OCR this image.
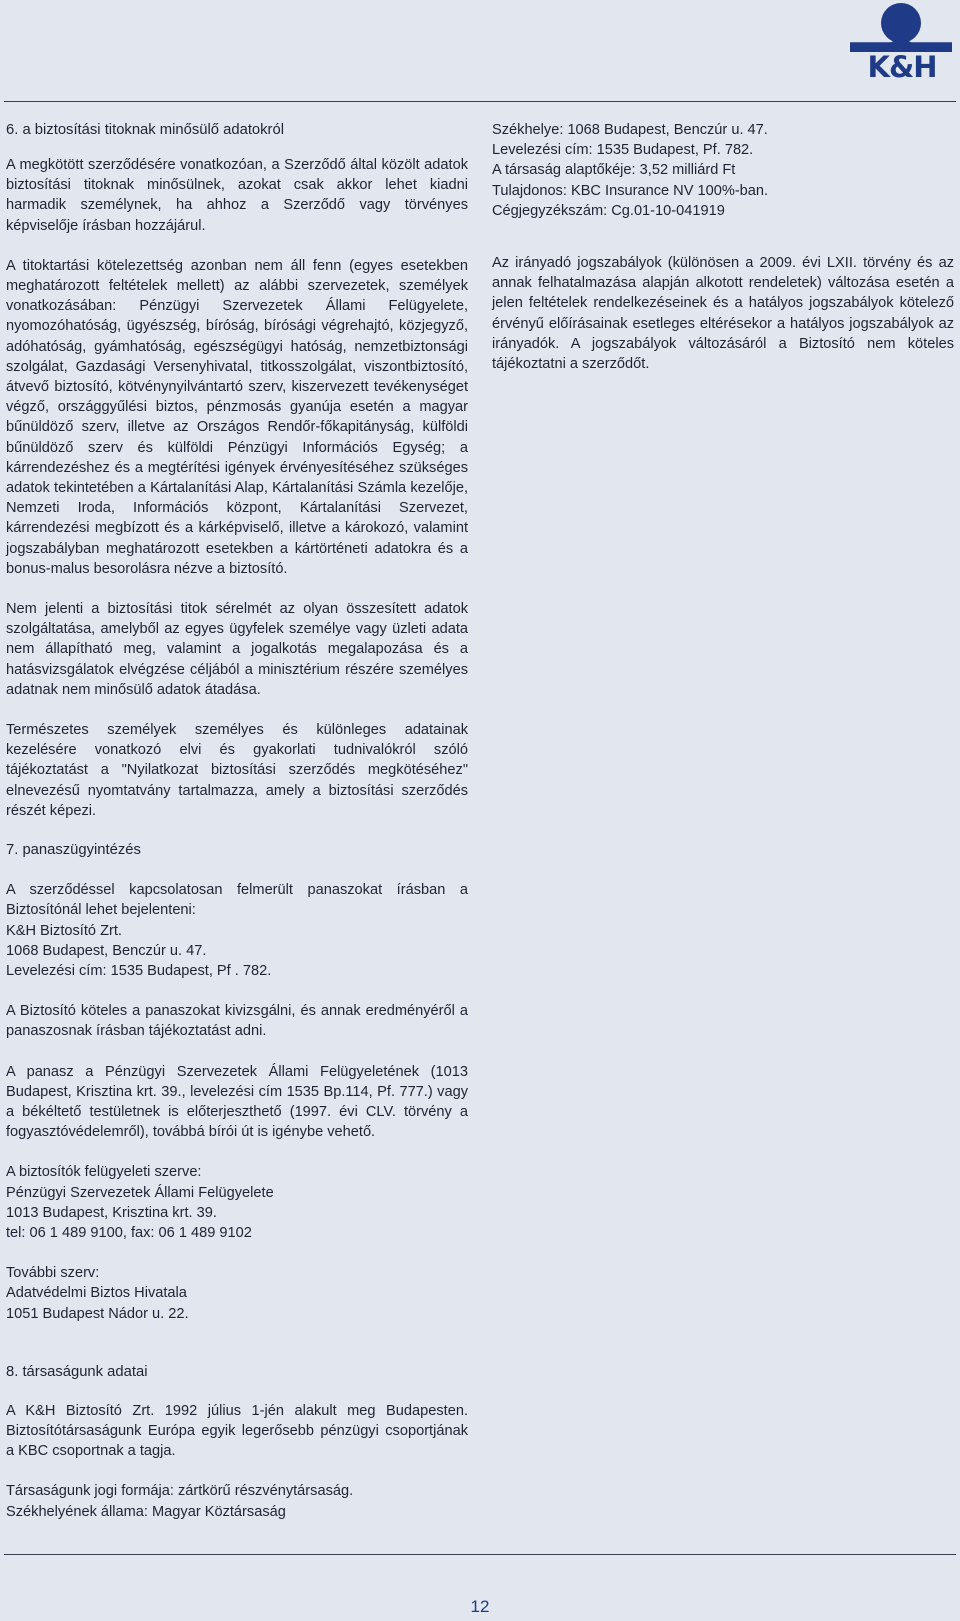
K&H
6. a biztosítási titoknak minősülő adatokról

A megkötött szerződésére vonatkozóan, a Szerződő által közölt adatok biztosítási titoknak minősülnek, azokat csak akkor lehet kiadni harmadik személynek, ha ahhoz a Szerződő vagy törvényes képviselője írásban hozzájárul.

A titoktartási kötelezettség azonban nem áll fenn (egyes esetekben meghatározott feltételek mellett) az alábbi szervezetek, személyek vonatkozásában: Pénzügyi Szervezetek Állami Felügyelete, nyomozóhatóság, ügyészség, bíróság, bírósági végrehajtó, közjegyző, adóhatóság, gyámhatóság, egészségügyi hatóság, nemzetbiztonsági szolgálat, Gazdasági Versenyhivatal, titkosszolgálat, viszontbiztosító, átvevő biztosító, kötvénynyilvántartó szerv, kiszervezett tevékenységet végző, országgyűlési biztos, pénzmosás gyanúja esetén a magyar bűnüldöző szerv, illetve az Országos Rendőr-főkapitányság, külföldi bűnüldöző szerv és külföldi Pénzügyi Információs Egység; a kárrendezéshez és a megtérítési igények érvényesítéséhez szükséges adatok tekintetében a Kártalanítási Alap, Kártalanítási Számla kezelője, Nemzeti Iroda, Információs központ, Kártalanítási Szervezet, kárrendezési megbízott és a kárképviselő, illetve a károkozó, valamint jogszabályban meghatározott esetekben a kártörténeti adatokra és a bonus-malus besorolásra nézve a biztosító.

Nem jelenti a biztosítási titok sérelmét az olyan összesített adatok szolgáltatása, amelyből az egyes ügyfelek személye vagy üzleti adata nem állapítható meg, valamint a jogalkotás megalapozása és a hatásvizsgálatok elvégzése céljából a minisztérium részére személyes adatnak nem minősülő adatok átadása.

Természetes személyek személyes és különleges adatainak kezelésére vonatkozó elvi és gyakorlati tudnivalókról szóló tájékoztatást a "Nyilatkozat biztosítási szerződés megkötéséhez" elnevezésű nyomtatvány tartalmazza, amely a biztosítási szerződés részét képezi.

7. panaszügyintézés

A szerződéssel kapcsolatosan felmerült panaszokat írásban a Biztosítónál lehet bejelenteni:
K&H Biztosító Zrt.
1068 Budapest, Benczúr u. 47.
Levelezési cím: 1535 Budapest, Pf . 782.

A Biztosító köteles a panaszokat kivizsgálni, és annak eredményéről a panaszosnak írásban tájékoztatást adni.

A panasz a Pénzügyi Szervezetek Állami Felügyeletének (1013 Budapest, Krisztina krt. 39., levelezési cím 1535 Bp.114, Pf. 777.) vagy a békéltető testületnek is előterjeszthető (1997. évi CLV. törvény a fogyasztóvédelemről), továbbá bírói út is igénybe vehető.

A biztosítók felügyeleti szerve:
Pénzügyi Szervezetek Állami Felügyelete
1013 Budapest, Krisztina krt. 39.
tel: 06 1 489 9100, fax: 06 1 489 9102

További szerv:
Adatvédelmi Biztos Hivatala
1051 Budapest Nádor u. 22.

8. társaságunk adatai

A K&H Biztosító Zrt. 1992 július 1-jén alakult meg Budapesten. Biztosítótársaságunk Európa egyik legerősebb pénzügyi csoportjának a KBC csoportnak a tagja.

Társaságunk jogi formája: zártkörű részvénytársaság.
Székhelyének állama: Magyar Köztársaság

Székhelye: 1068 Budapest, Benczúr u. 47.
Levelezési cím: 1535 Budapest, Pf. 782.
A társaság alaptőkéje: 3,52 milliárd Ft
Tulajdonos: KBC Insurance NV 100%-ban.
Cégjegyzékszám: Cg.01-10-041919

Az irányadó jogszabályok (különösen a 2009. évi LXII. törvény és az annak felhatalmazása alapján alkotott rendeletek) változása esetén a jelen feltételek rendelkezéseinek és a hatályos jogszabályok kötelező érvényű előírásainak esetleges eltérésekor a hatályos jogszabályok az irányadók. A jogszabályok változásáról a Biztosító nem köteles tájékoztatni a szerződőt.

12
